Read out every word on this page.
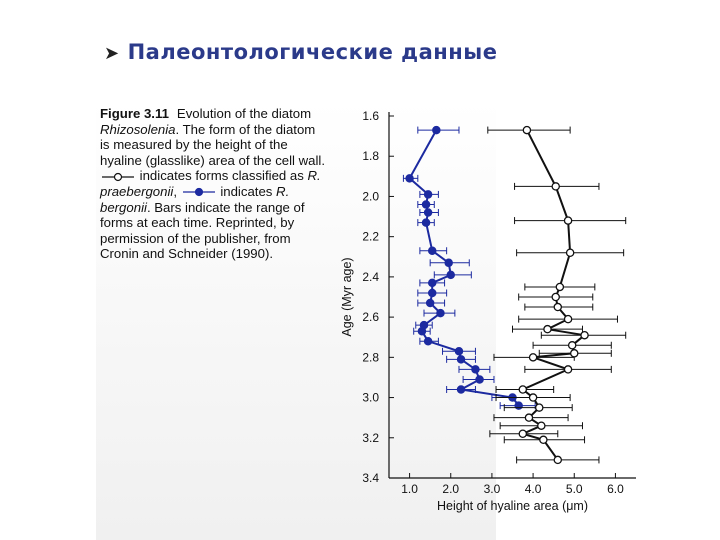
➤ Палеонтологические данные
Figure 3.11 Evolution of the diatom Rhizosolenia. The form of the diatom is measured by the height of the hyaline (glasslike) area of the cell wall.  indicates forms classified as R. praebergonii,	indicates R. bergonii. Bars indicate the range of forms at each time. Reprinted, by permission of the publisher, from Cronin and Schneider (1990).
1.6
1.8
2.0
2.2
2.4
2.6
2.8
3.0
3.2
3.4
1.0 2.0 3.0 4.0 5.0 6.0
Height of hyaline area (μm)
Age (Myr age)
